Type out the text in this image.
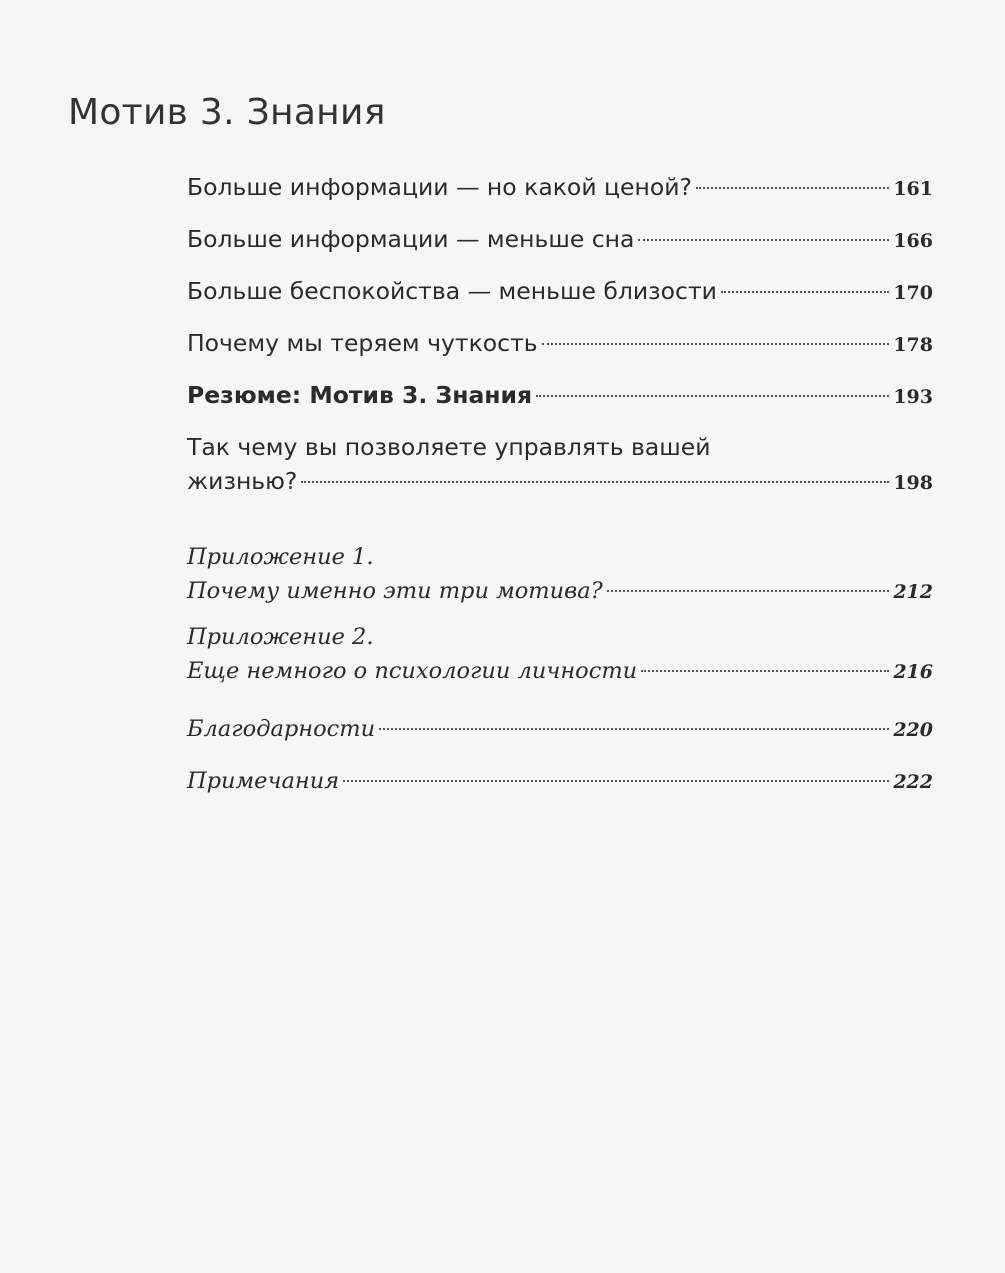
Мотив 3. Знания
Больше информации — но какой ценой?	161
Больше информации — меньше сна	166
Больше беспокойства — меньше близости	170
Почему мы теряем чуткость	178
Резюме: Мотив 3. Знания	193
Так чему вы позволяете управлять вашей
жизнью?	198
Приложение 1.
Почему именно эти три мотива?	212
Приложение 2.
Еще немного о психологии личности	216
Благодарности	220
Примечания	222
